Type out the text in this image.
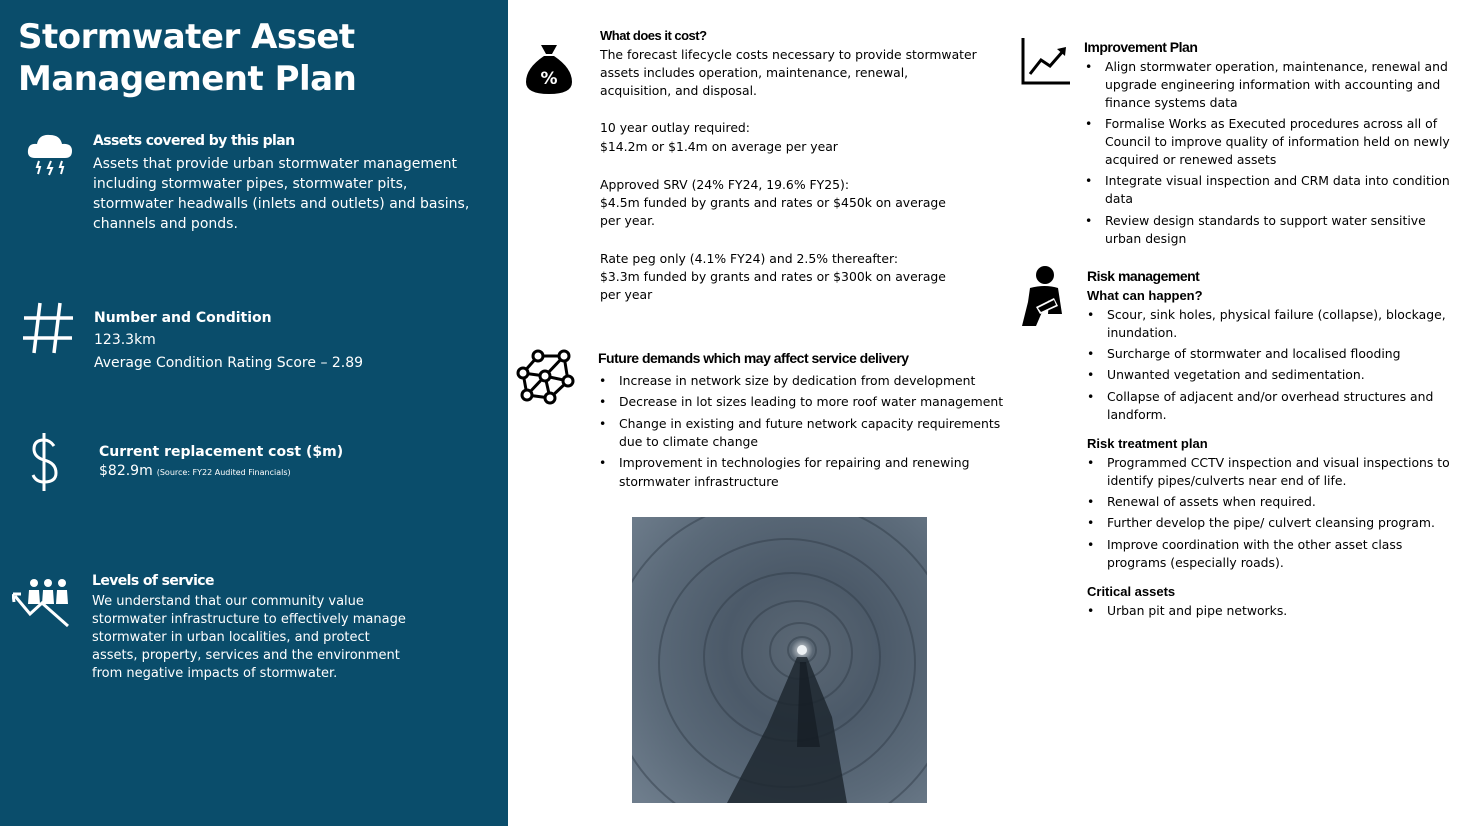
Stormwater Asset
Management Plan
Assets covered by this plan
Assets that provide urban stormwater management including stormwater pipes, stormwater pits, stormwater headwalls (inlets and outlets) and basins, channels and ponds.
Number and Condition
123.3km
Average Condition Rating Score – 2.89
Current replacement cost ($m)
$82.9m (Source: FY22 Audited Financials)
Levels of service
We understand that our community value stormwater infrastructure to effectively manage stormwater in urban localities, and protect assets, property, services and the environment from negative impacts of stormwater.
%
What does it cost?
The forecast lifecycle costs necessary to provide stormwater assets includes operation, maintenance, renewal, acquisition, and disposal.
10 year outlay required:
$14.2m or $1.4m on average per year
Approved SRV (24% FY24, 19.6% FY25):
$4.5m funded by grants and rates or $450k on average per year.
Rate peg only (4.1% FY24) and 2.5% thereafter:
$3.3m funded by grants and rates or $300k on average per year
Future demands which may affect service delivery
• Increase in network size by dedication from development
• Decrease in lot sizes leading to more roof water management
• Change in existing and future network capacity requirements due to climate change
• Improvement in technologies for repairing and renewing stormwater infrastructure
Improvement Plan
• Align stormwater operation, maintenance, renewal and upgrade engineering information with accounting and finance systems data
• Formalise Works as Executed procedures across all of Council to improve quality of information held on newly acquired or renewed assets
• Integrate visual inspection and CRM data into condition data
• Review design standards to support water sensitive urban design
Risk management
What can happen?
• Scour, sink holes, physical failure (collapse), blockage, inundation.
• Surcharge of stormwater and localised flooding
• Unwanted vegetation and sedimentation.
• Collapse of adjacent and/or overhead structures and landform.
Risk treatment plan
• Programmed CCTV inspection and visual inspections to identify pipes/culverts near end of life.
• Renewal of assets when required.
• Further develop the pipe/ culvert cleansing program.
• Improve coordination with the other asset class programs (especially roads).
Critical assets
• Urban pit and pipe networks.
